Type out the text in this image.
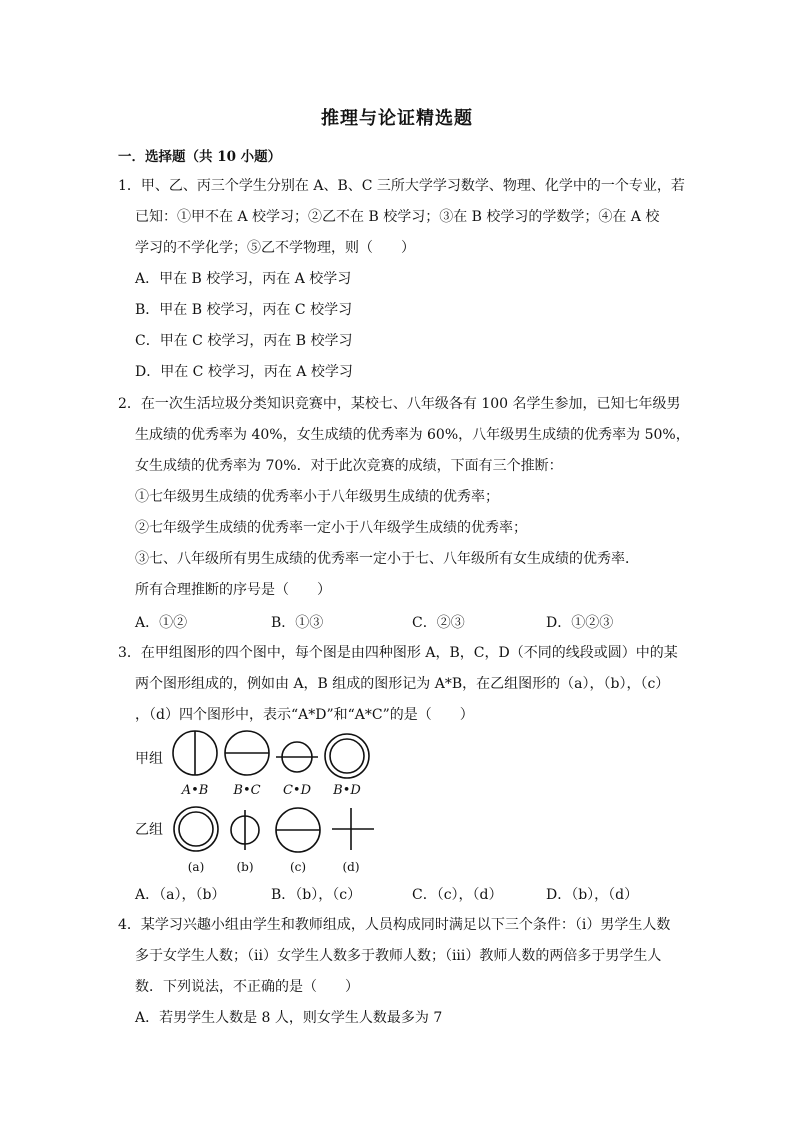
推理与论证精选题
一．选择题（共 10 小题）
1．甲、乙、丙三个学生分别在 A、B、C 三所大学学习数学、物理、化学中的一个专业，若
已知：①甲不在 A 校学习；②乙不在 B 校学习；③在 B 校学习的学数学；④在 A 校
学习的不学化学；⑤乙不学物理，则（　　）
A．甲在 B 校学习，丙在 A 校学习
B．甲在 B 校学习，丙在 C 校学习
C．甲在 C 校学习，丙在 B 校学习
D．甲在 C 校学习，丙在 A 校学习
2．在一次生活垃圾分类知识竞赛中，某校七、八年级各有 100 名学生参加，已知七年级男
生成绩的优秀率为 40%，女生成绩的优秀率为 60%，八年级男生成绩的优秀率为 50%，
女生成绩的优秀率为 70%．对于此次竞赛的成绩，下面有三个推断：
①七年级男生成绩的优秀率小于八年级男生成绩的优秀率；
②七年级学生成绩的优秀率一定小于八年级学生成绩的优秀率；
③七、八年级所有男生成绩的优秀率一定小于七、八年级所有女生成绩的优秀率．
所有合理推断的序号是（　　）
A．①②	B．①③	C．②③	D．①②③
3．在甲组图形的四个图中，每个图是由四种图形 A，B，C，D（不同的线段或圆）中的某
两个图形组成的，例如由 A，B 组成的图形记为 A*B，在乙组图形的（a），（b），（c）
，（d）四个图形中，表示“A*D”和“A*C”的是（　　）
甲组
A•B	B•C	C•D	B•D
乙组
(a)	(b)	(c)	(d)
A．（a），（b）	B．（b），（c）	C．（c），（d）	D．（b），（d）
4．某学习兴趣小组由学生和教师组成，人员构成同时满足以下三个条件：（i）男学生人数
多于女学生人数；（ii）女学生人数多于教师人数；（iii）教师人数的两倍多于男学生人
数．下列说法，不正确的是（　　）
A．若男学生人数是 8 人，则女学生人数最多为 7
